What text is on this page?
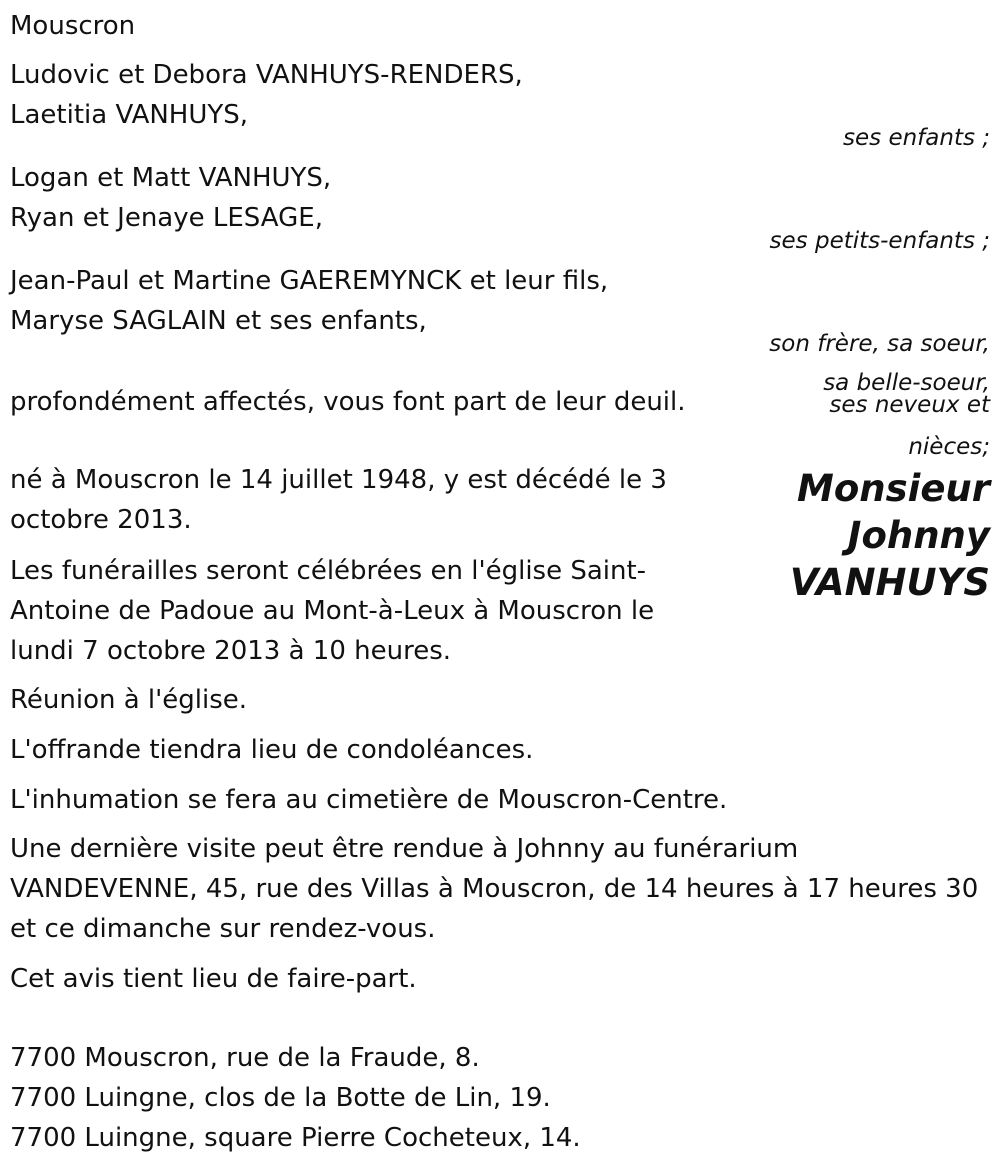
Mouscron

Ludovic et Debora VANHUYS-RENDERS,

Laetitia VANHUYS,

ses enfants ;

Logan et Matt VANHUYS,

Ryan et Jenaye LESAGE,

ses petits-enfants ;

Jean-Paul et Martine GAEREMYNCK et leur fils,

Maryse SAGLAIN et ses enfants,

son frère, sa soeur,

sa belle-soeur,

ses neveux et

nièces;

profondément affectés, vous font part de leur deuil.

Monsieur
Johnny
VANHUYS

né à Mouscron le 14 juillet 1948, y est décédé le 3

octobre 2013.

Les funérailles seront célébrées en l'église Saint-

Antoine de Padoue au Mont-à-Leux à Mouscron le

lundi 7 octobre 2013 à 10 heures.

Réunion à l'église.

L'offrande tiendra lieu de condoléances.

L'inhumation se fera au cimetière de Mouscron-Centre.

Une dernière visite peut être rendue à Johnny au funérarium

VANDEVENNE, 45, rue des Villas à Mouscron, de 14 heures à 17 heures 30

et ce dimanche sur rendez-vous.

Cet avis tient lieu de faire-part.

7700 Mouscron, rue de la Fraude, 8.

7700 Luingne, clos de la Botte de Lin, 19.

7700 Luingne, square Pierre Cocheteux, 14.
